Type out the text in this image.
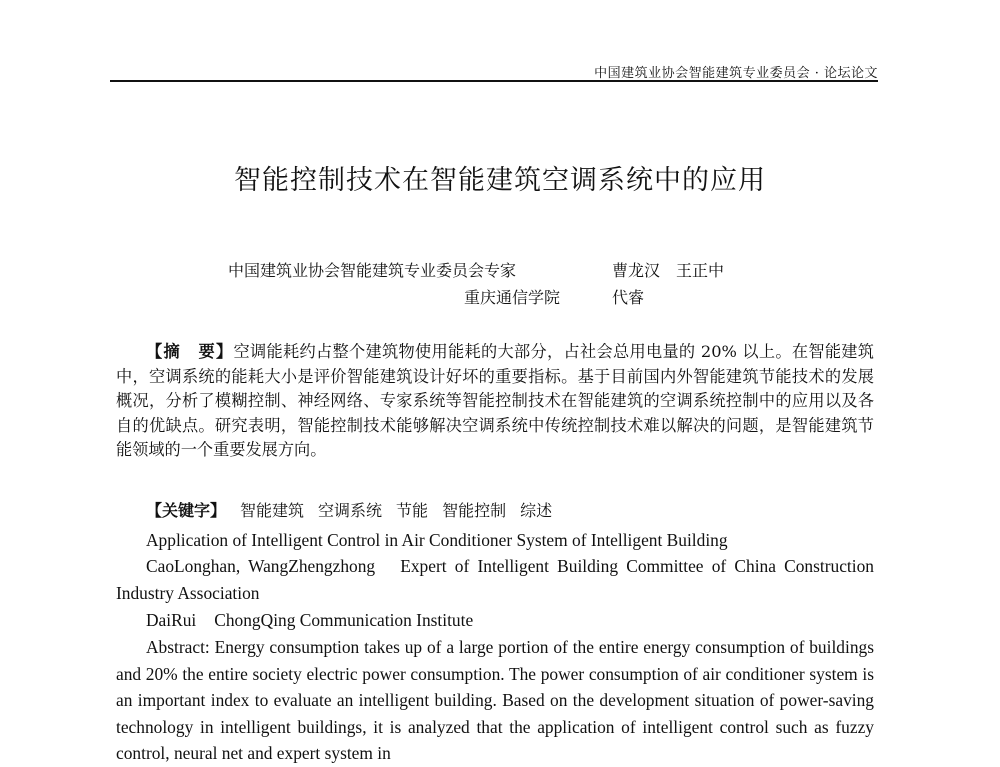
中国建筑业协会智能建筑专业委员会 · 论坛论文
智能控制技术在智能建筑空调系统中的应用
中国建筑业协会智能建筑专业委员会专家	曹龙汉　王正中
重庆通信学院	代睿
【摘　要】空调能耗约占整个建筑物使用能耗的大部分，占社会总用电量的 20% 以上。在智能建筑中，空调系统的能耗大小是评价智能建筑设计好坏的重要指标。基于目前国内外智能建筑节能技术的发展概况，分析了模糊控制、神经网络、专家系统等智能控制技术在智能建筑的空调系统控制中的应用以及各自的优缺点。研究表明，智能控制技术能够解决空调系统中传统控制技术难以解决的问题，是智能建筑节能领域的一个重要发展方向。
【关键字】 智能建筑 空调系统 节能 智能控制 综述
Application of Intelligent Control in Air Conditioner System of Intelligent Building
CaoLonghan, WangZhengzhong　Expert of Intelligent Building Committee of China Construction Industry Association
DaiRui ChongQing Communication Institute
Abstract: Energy consumption takes up of a large portion of the entire energy consumption of buildings and 20% the entire society electric power consumption. The power consumption of air conditioner system is an important index to evaluate an intelligent building. Based on the development situation of power-saving technology in intelligent buildings, it is analyzed that the application of intelligent control such as fuzzy control, neural net and expert system in
